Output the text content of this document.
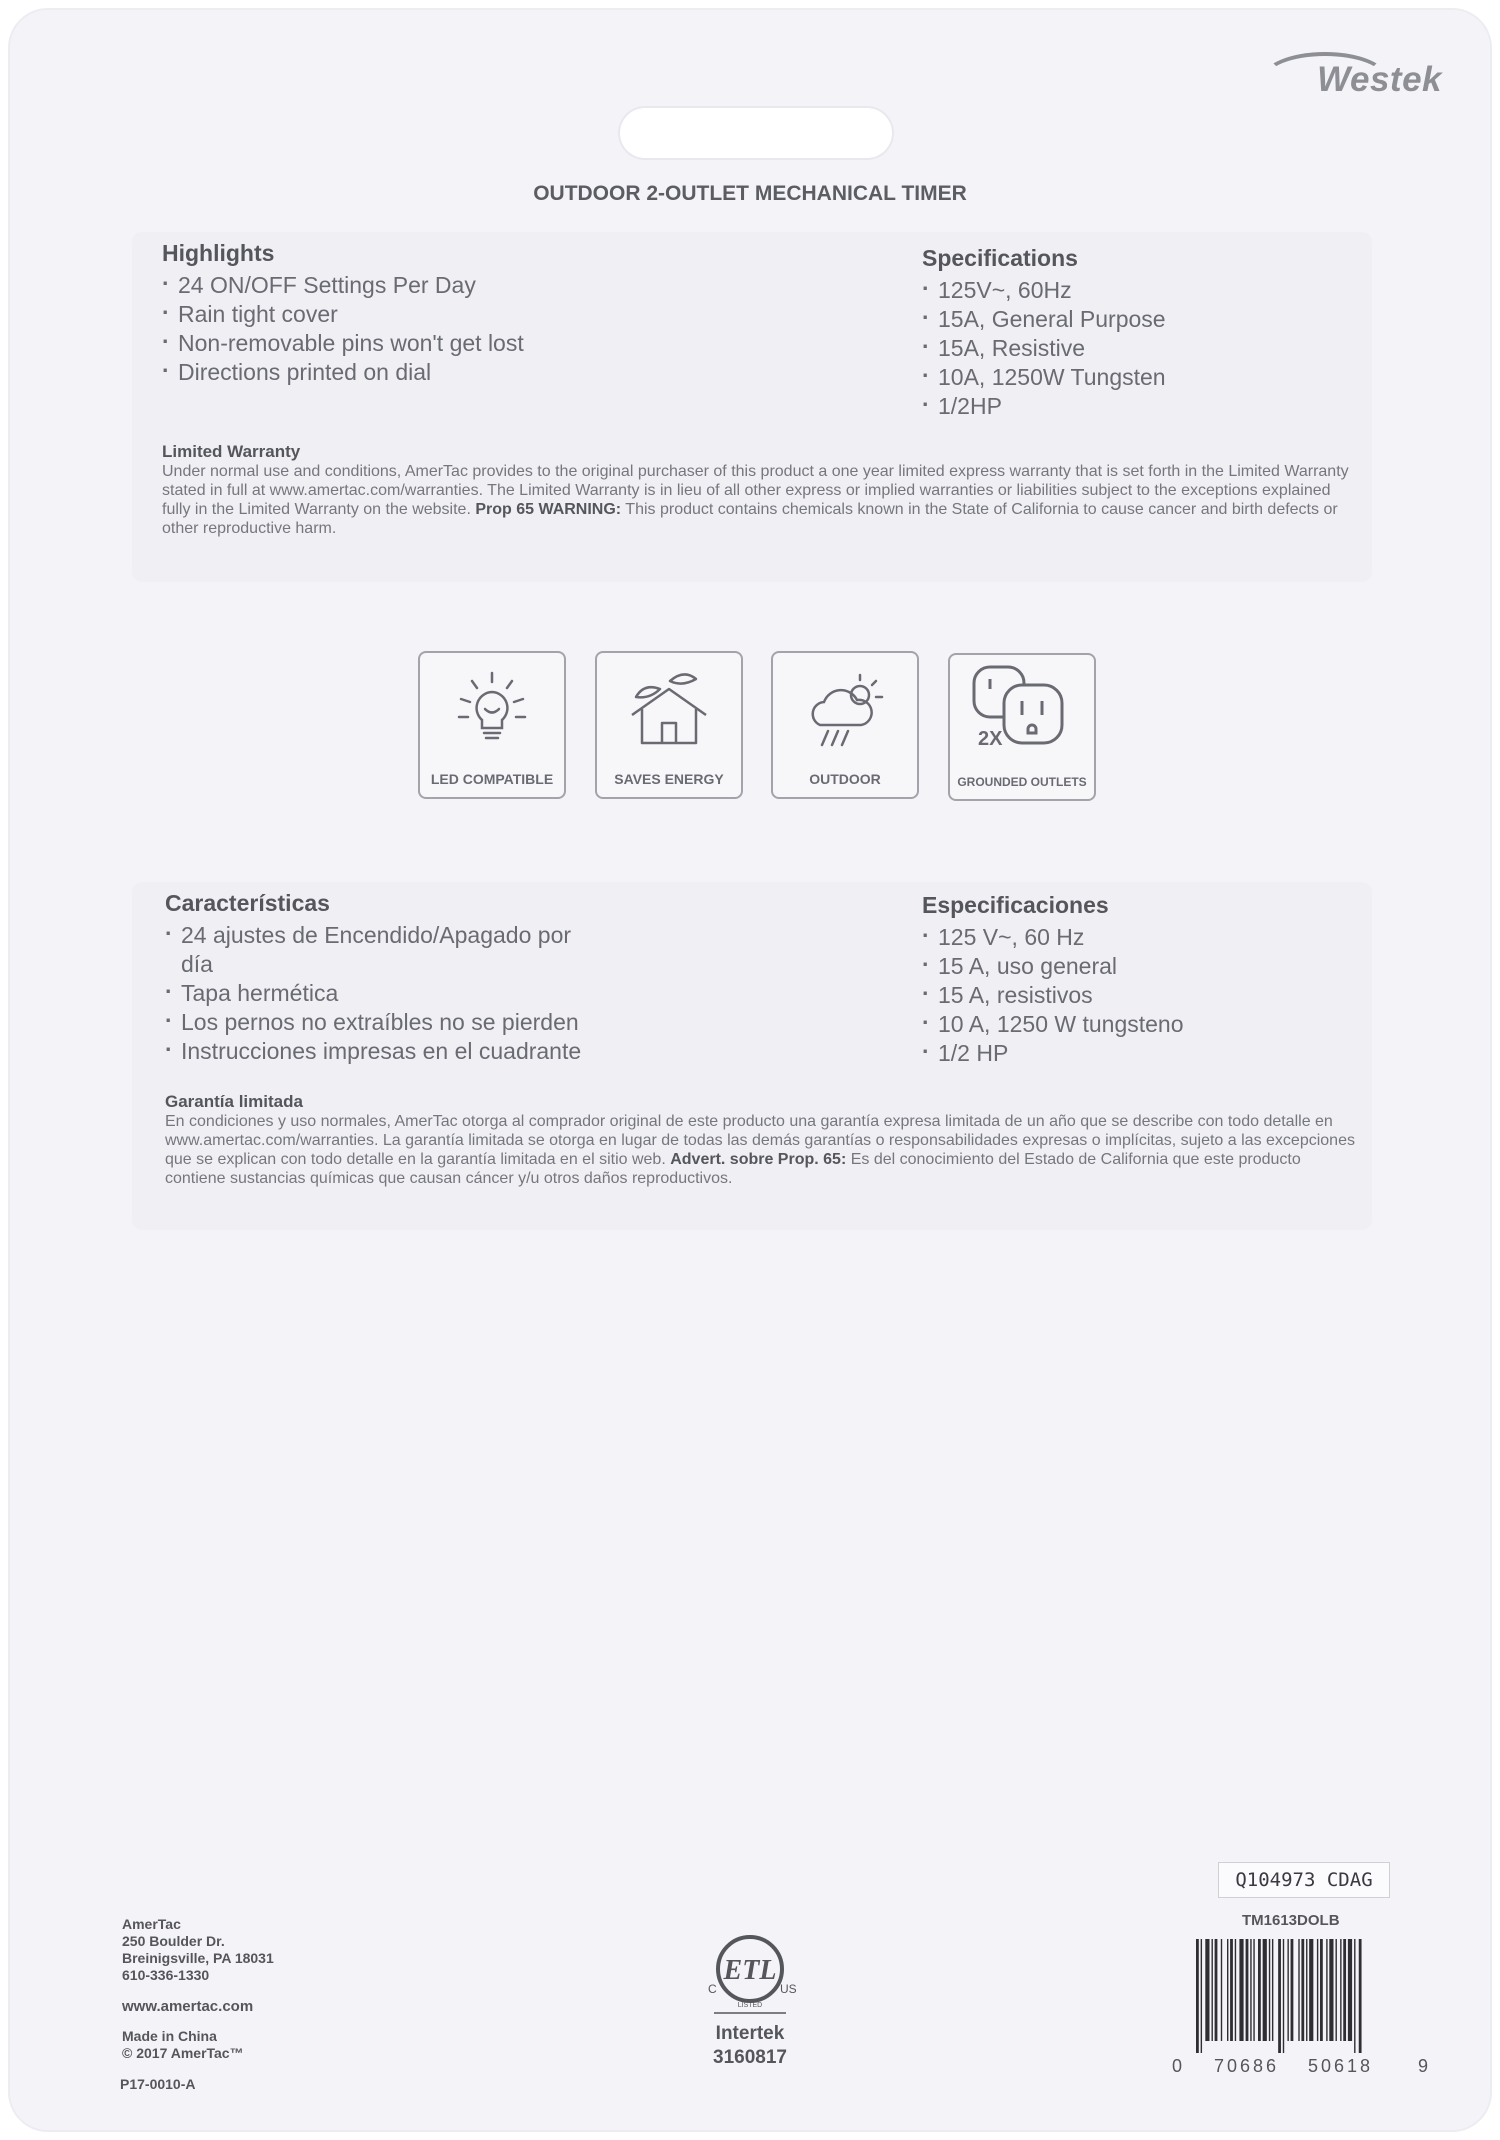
Westek
OUTDOOR 2-OUTLET MECHANICAL TIMER
Highlights
· 24 ON/OFF Settings Per Day
· Rain tight cover
· Non-removable pins won't get lost
· Directions printed on dial
Specifications
· 125V~, 60Hz
· 15A, General Purpose
· 15A, Resistive
· 10A, 1250W Tungsten
· 1/2HP
Limited Warranty
Under normal use and conditions, AmerTac provides to the original purchaser of this product a one year limited express warranty that is set forth in the Limited Warranty stated in full at www.amertac.com/warranties. The Limited Warranty is in lieu of all other express or implied warranties or liabilities subject to the exceptions explained fully in the Limited Warranty on the website. Prop 65 WARNING: This product contains chemicals known in the State of California to cause cancer and birth defects or other reproductive harm.
LED COMPATIBLE	SAVES ENERGY	OUTDOOR
2X
GROUNDED OUTLETS
Características
· 24 ajustes de Encendido/Apagado por día
· Tapa hermética
· Los pernos no extraíbles no se pierden
· Instrucciones impresas en el cuadrante
Especificaciones
· 125 V~, 60 Hz
· 15 A, uso general
· 15 A, resistivos
· 10 A, 1250 W tungsteno
· 1/2 HP
Garantía limitada
En condiciones y uso normales, AmerTac otorga al comprador original de este producto una garantía expresa limitada de un año que se describe con todo detalle en www.amertac.com/warranties. La garantía limitada se otorga en lugar de todas las demás garantías o responsabilidades expresas o implícitas, sujeto a las excepciones que se explican con todo detalle en la garantía limitada en el sitio web. Advert. sobre Prop. 65: Es del conocimiento del Estado de California que este producto contiene sustancias químicas que causan cáncer y/u otros daños reproductivos.
AmerTac
250 Boulder Dr.
Breinigsville, PA 18031
610-336-1330
www.amertac.com
Made in China
© 2017 AmerTac™
P17-0010-A
ETL
C	US
LISTED
Intertek
3160817
Q104973 CDAG
TM1613DOLB
0 70686 50618 9
